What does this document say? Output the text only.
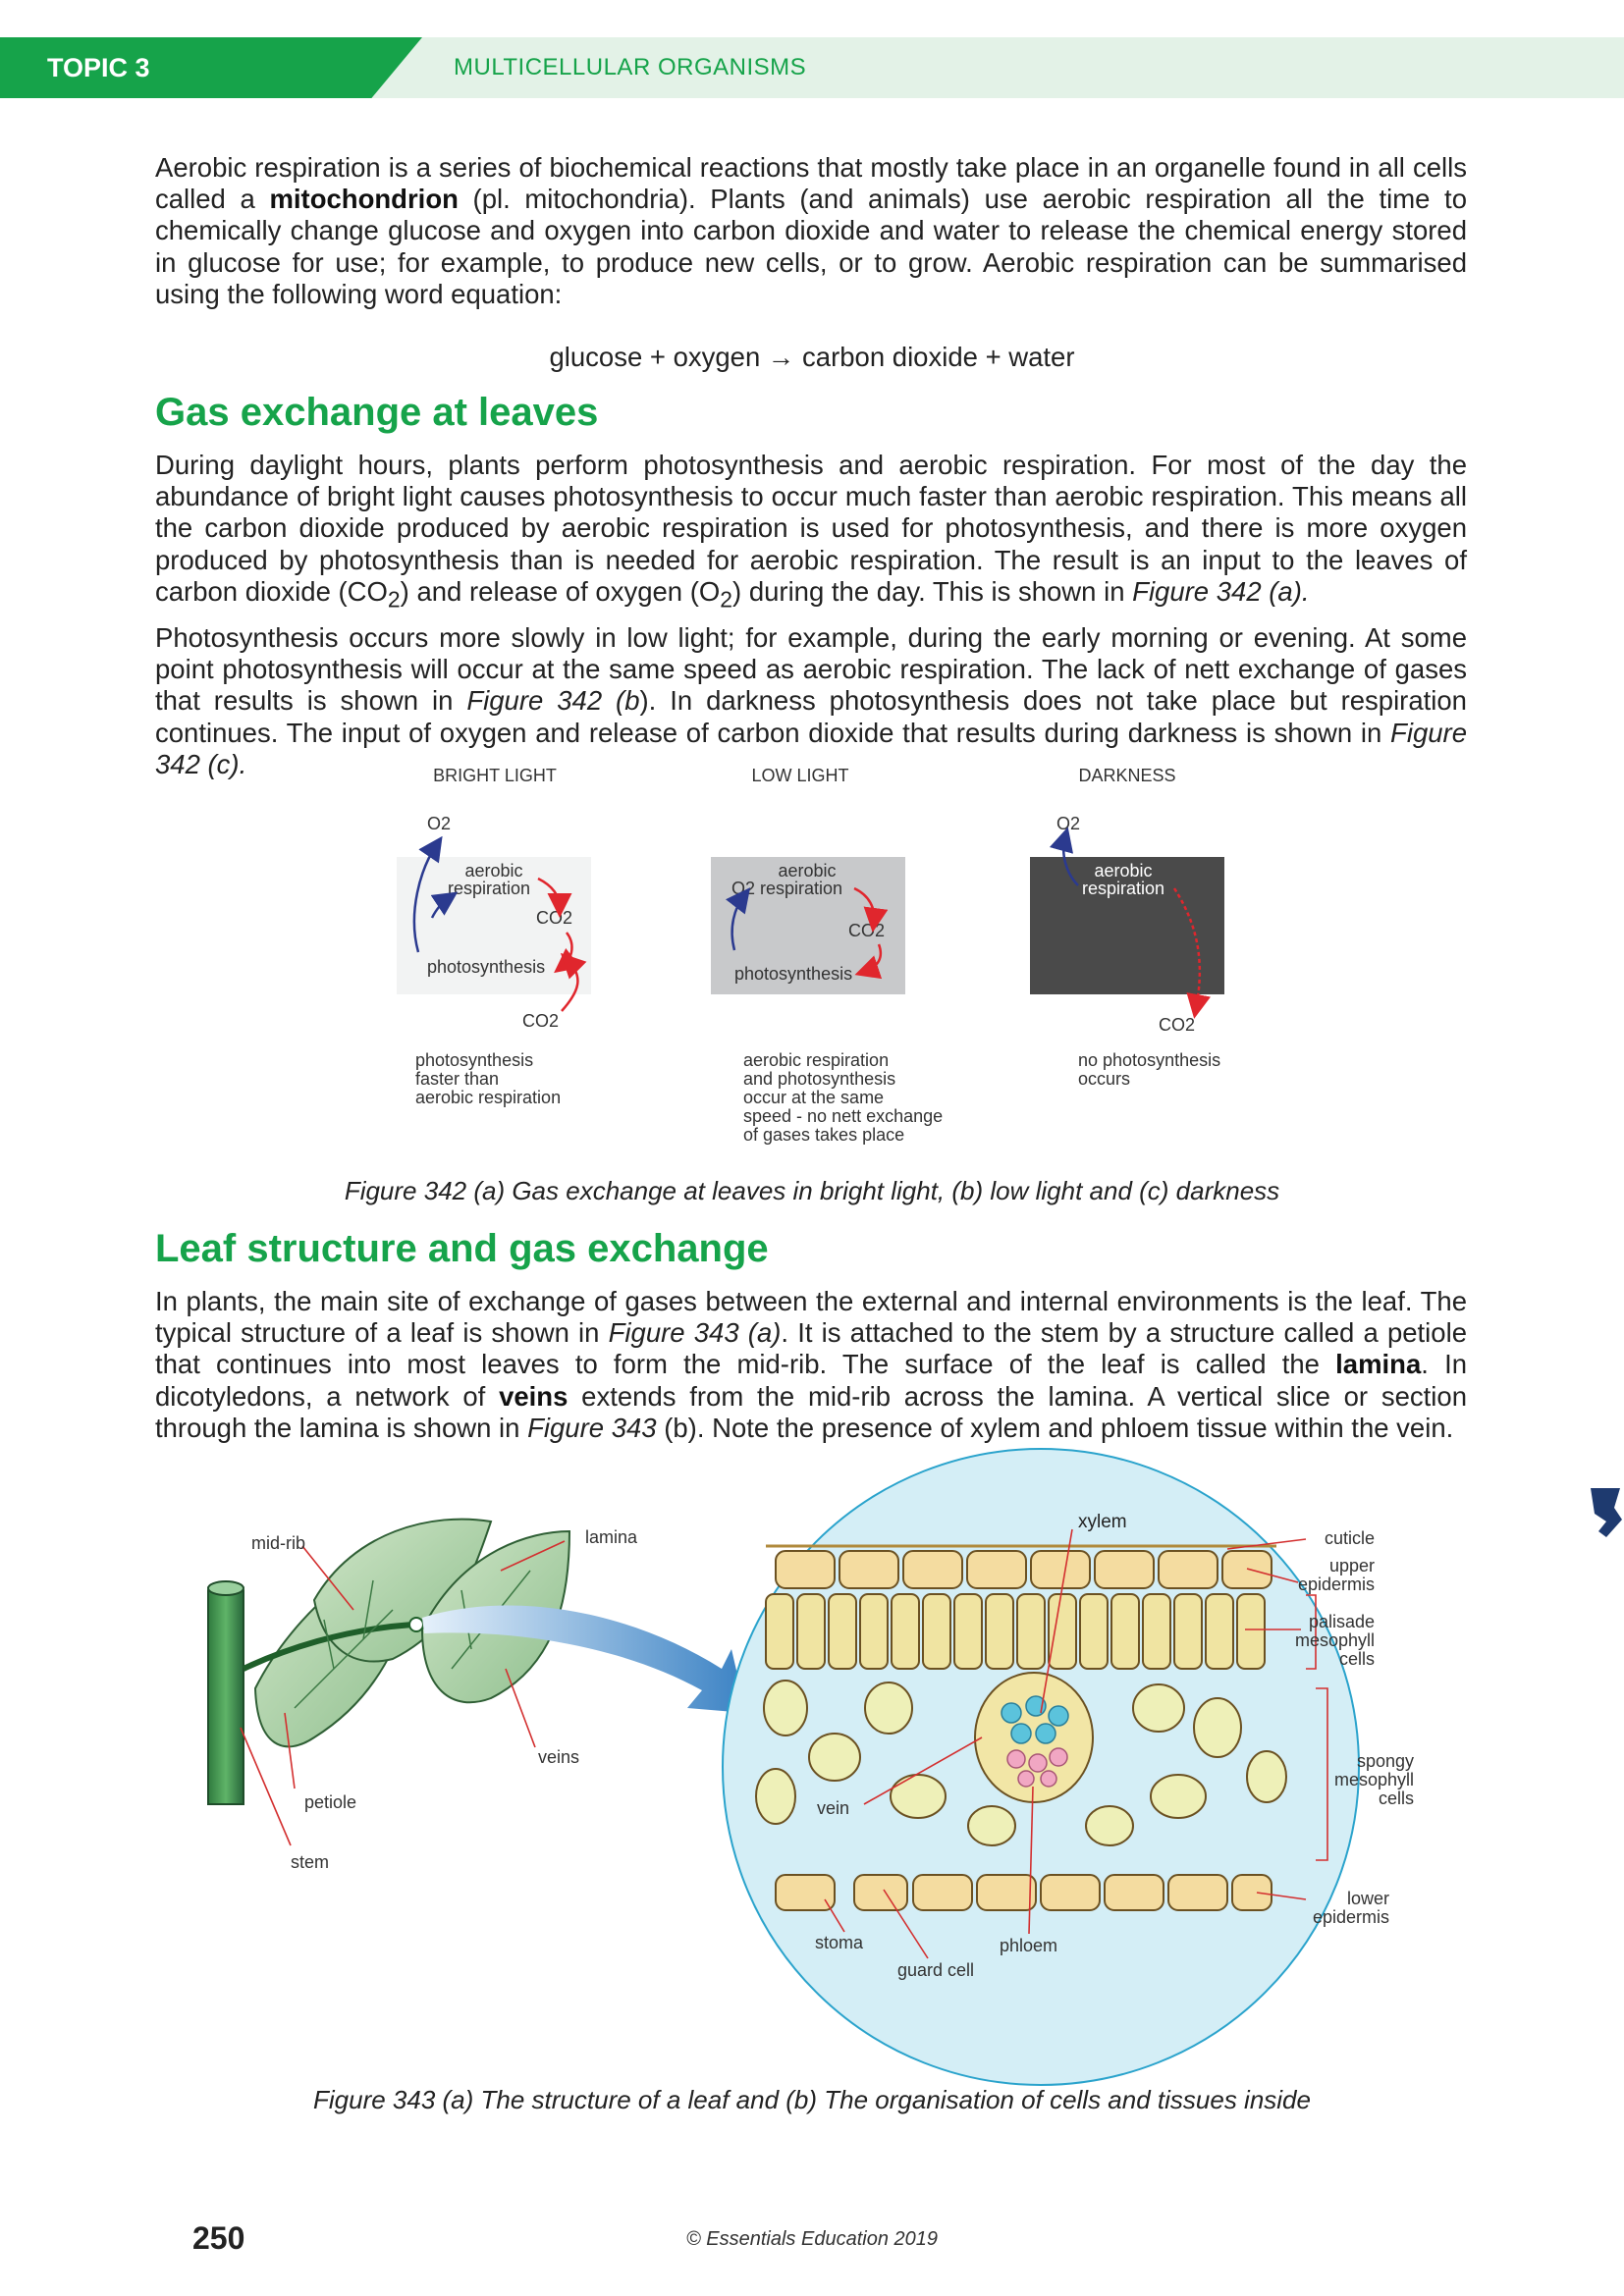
TOPIC 3	MULTICELLULAR ORGANISMS
Aerobic respiration is a series of biochemical reactions that mostly take place in an organelle found in all cells called a mitochondrion (pl. mitochondria). Plants (and animals) use aerobic respiration all the time to chemically change glucose and oxygen into carbon dioxide and water to release the chemical energy stored in glucose for use; for example, to produce new cells, or to grow. Aerobic respiration can be summarised using the following word equation:
glucose + oxygen → carbon dioxide + water
Gas exchange at leaves
During daylight hours, plants perform photosynthesis and aerobic respiration. For most of the day the abundance of bright light causes photosynthesis to occur much faster than aerobic respiration. This means all the carbon dioxide produced by aerobic respiration is used for photosynthesis, and there is more oxygen produced by photosynthesis than is needed for aerobic respiration. The result is an input to the leaves of carbon dioxide $(CO_2)$ and release of oxygen $(O_2)$ during the day. This is shown in Figure 342 (a).
Photosynthesis occurs more slowly in low light; for example, during the early morning or evening. At some point photosynthesis will occur at the same speed as aerobic respiration. The lack of nett exchange of gases that results is shown in Figure 342 (b). In darkness photosynthesis does not take place but respiration continues. The input of oxygen and release of carbon dioxide that results during darkness is shown in Figure 342 (c).	BRIGHT LIGHT
O2
aerobic
respiration
CO2
photosynthesis
CO2
photosynthesis
faster than
aerobic respiration
LOW LIGHT
aerobic
O2 respiration
CO2
photosynthesis
aerobic respiration
and photosynthesis
occur at the same
speed - no nett exchange
of gases takes place
DARKNESS
O2
aerobic
respiration
CO2
no photosynthesis
occurs
Figure 342 (a) Gas exchange at leaves in bright light, (b) low light and (c) darkness
Leaf structure and gas exchange
In plants, the main site of exchange of gases between the external and internal environments is the leaf. The typical structure of a leaf is shown in Figure 343 (a). It is attached to the stem by a structure called a petiole that continues into most leaves to form the mid-rib. The surface of the leaf is called the lamina. In dicotyledons, a network of veins extends from the mid-rib across the lamina. A vertical slice or section through the lamina is shown in Figure 343 (b). Note the presence of xylem and phloem tissue within the vein.
mid-rib	lamina
veins
petiole
stem
xylem
cuticle
upper
epidermis
palisade
mesophyll
cells
spongy
mesophyll
cells
lower
epidermis
vein
stoma	phloem
guard cell
Figure 343 (a) The structure of a leaf and (b) The organisation of cells and tissues inside
250	© Essentials Education 2019
